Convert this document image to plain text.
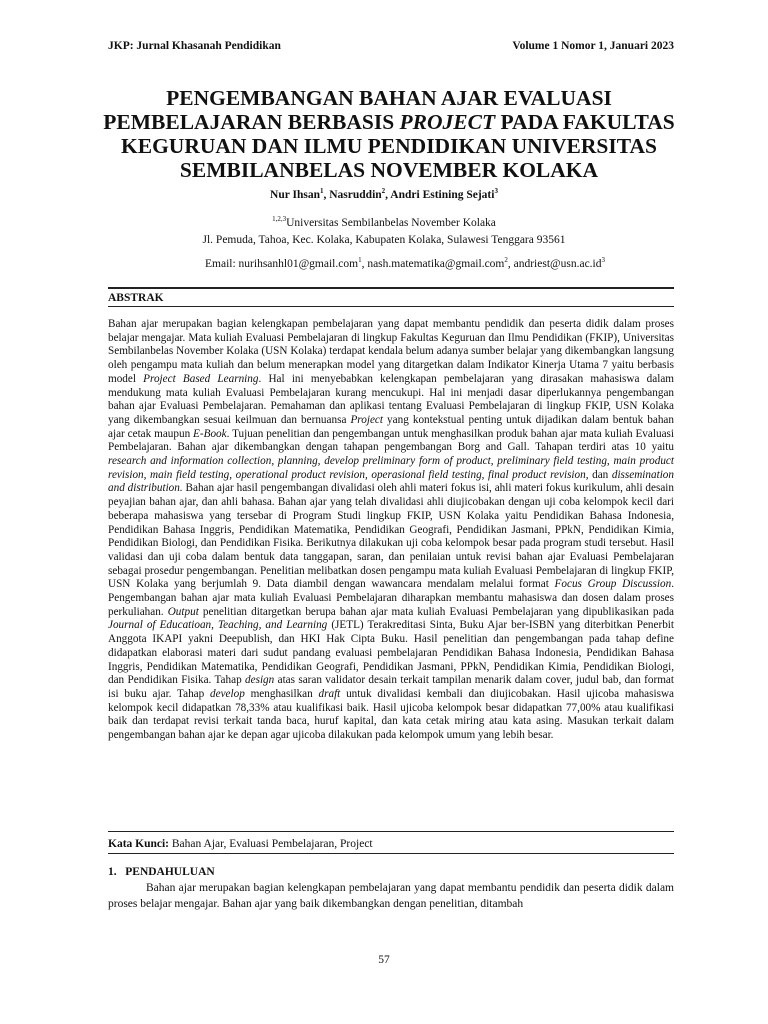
JKP: Jurnal Khasanah Pendidikan	Volume 1 Nomor 1, Januari 2023
PENGEMBANGAN BAHAN AJAR EVALUASI
PEMBELAJARAN BERBASIS PROJECT PADA FAKULTAS
KEGURUAN DAN ILMU PENDIDIKAN UNIVERSITAS
SEMBILANBELAS NOVEMBER KOLAKA
Nur Ihsan$^1$, Nasruddin$^2$, Andri Estining Sejati$^3$
$^{1,2,3}$Universitas Sembilanbelas November Kolaka
Jl. Pemuda, Tahoa, Kec. Kolaka, Kabupaten Kolaka, Sulawesi Tenggara 93561
Email: nurihsanhl01@gmail.com$^1$, nash.matematika@gmail.com$^2$, $andriest@usn.ac.id^3$
ABSTRAK

Bahan ajar merupakan bagian kelengkapan pembelajaran yang dapat membantu pendidik dan peserta didik dalam proses belajar mengajar. Mata kuliah Evaluasi Pembelajaran di lingkup Fakultas Keguruan dan Ilmu Pendidikan (FKIP), Universitas Sembilanbelas November Kolaka (USN Kolaka) terdapat kendala belum adanya sumber belajar yang dikembangkan langsung oleh pengampu mata kuliah dan belum menerapkan model yang ditargetkan dalam Indikator Kinerja Utama 7 yaitu berbasis model Project Based Learning. Hal ini menyebabkan kelengkapan pembelajaran yang dirasakan mahasiswa dalam mendukung mata kuliah Evaluasi Pembelajaran kurang mencukupi. Hal ini menjadi dasar diperlukannya pengembangan bahan ajar Evaluasi Pembelajaran. Pemahaman dan aplikasi tentang Evaluasi Pembelajaran di lingkup FKIP, USN Kolaka yang dikembangkan sesuai keilmuan dan bernuansa Project yang kontekstual penting untuk dijadikan dalam bentuk bahan ajar cetak maupun E-Book. Tujuan penelitian dan pengembangan untuk menghasilkan produk bahan ajar mata kuliah Evaluasi Pembelajaran. Bahan ajar dikembangkan dengan tahapan pengembangan Borg and Gall. Tahapan terdiri atas 10 yaitu research and information collection, planning, develop preliminary form of product, preliminary field testing, main product revision, main field testing, operational product revision, operasional field testing, final product revision, dan dissemination and distribution. Bahan ajar hasil pengembangan divalidasi oleh ahli materi fokus isi, ahli materi fokus kurikulum, ahli desain peyajian bahan ajar, dan ahli bahasa. Bahan ajar yang telah divalidasi ahli diujicobakan dengan uji coba kelompok kecil dari beberapa mahasiswa yang tersebar di Program Studi lingkup FKIP, USN Kolaka yaitu Pendidikan Bahasa Indonesia, Pendidikan Bahasa Inggris, Pendidikan Matematika, Pendidikan Geografi, Pendidikan Jasmani, PPkN, Pendidikan Kimia, Pendidikan Biologi, dan Pendidikan Fisika. Berikutnya dilakukan uji coba kelompok besar pada program studi tersebut. Hasil validasi dan uji coba dalam bentuk data tanggapan, saran, dan penilaian untuk revisi bahan ajar Evaluasi Pembelajaran sebagai prosedur pengembangan. Penelitian melibatkan dosen pengampu mata kuliah Evaluasi Pembelajaran di lingkup FKIP, USN Kolaka yang berjumlah 9. Data diambil dengan wawancara mendalam melalui format Focus Group Discussion. Pengembangan bahan ajar mata kuliah Evaluasi Pembelajaran diharapkan membantu mahasiswa dan dosen dalam proses perkuliahan. Output penelitian ditargetkan berupa bahan ajar mata kuliah Evaluasi Pembelajaran yang dipublikasikan pada Journal of Educatioan, Teaching, and Learning (JETL) Terakreditasi Sinta, Buku Ajar ber-ISBN yang diterbitkan Penerbit Anggota IKAPI yakni Deepublish, dan HKI Hak Cipta Buku. Hasil penelitian dan pengembangan pada tahap define didapatkan elaborasi materi dari sudut pandang evaluasi pembelajaran Pendidikan Bahasa Indonesia, Pendidikan Bahasa Inggris, Pendidikan Matematika, Pendidikan Geografi, Pendidikan Jasmani, PPkN, Pendidikan Kimia, Pendidikan Biologi, dan Pendidikan Fisika. Tahap design atas saran validator desain terkait tampilan menarik dalam cover, judul bab, dan format isi buku ajar. Tahap develop menghasilkan draft untuk divalidasi kembali dan diujicobakan. Hasil ujicoba mahasiswa kelompok kecil didapatkan 78,33% atau kualifikasi baik. Hasil ujicoba kelompok besar didapatkan 77,00% atau kualifikasi baik dan terdapat revisi terkait tanda baca, huruf kapital, dan kata cetak miring atau kata asing. Masukan terkait dalam pengembangan bahan ajar ke depan agar ujicoba dilakukan pada kelompok umum yang lebih besar.

Kata Kunci: Bahan Ajar, Evaluasi Pembelajaran, Project
1.   PENDAHULUAN

Bahan ajar merupakan bagian kelengkapan pembelajaran yang dapat membantu pendidik dan peserta didik dalam proses belajar mengajar. Bahan ajar yang baik dikembangkan dengan penelitian, ditambah

57
